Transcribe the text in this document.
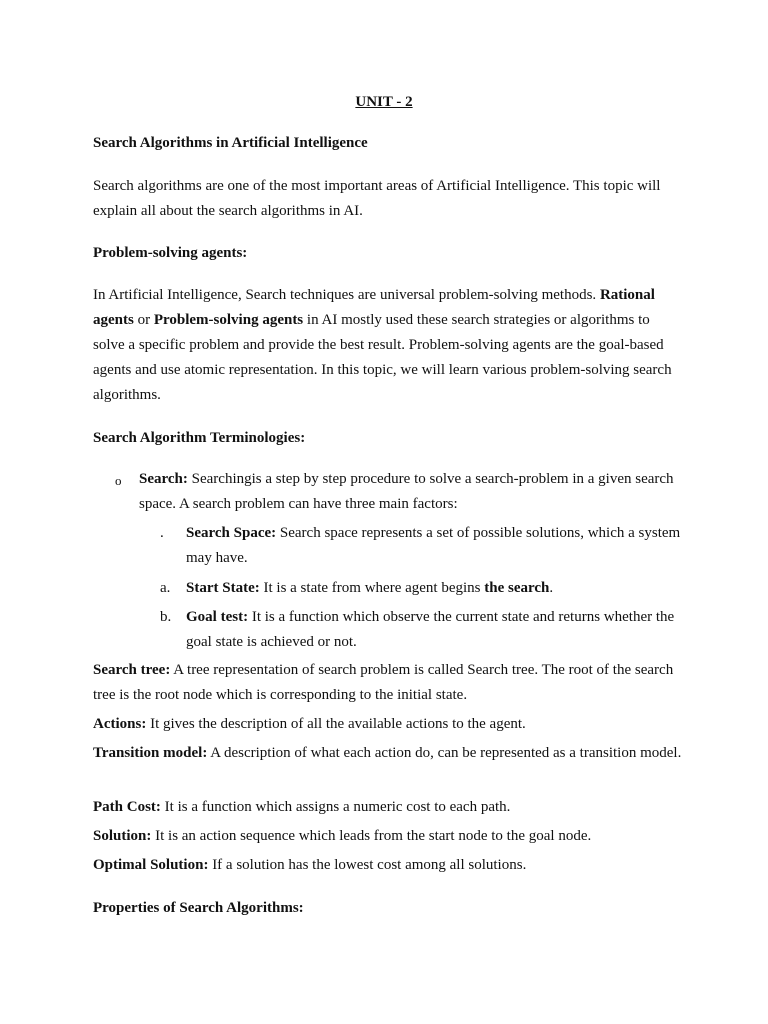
UNIT - 2

Search Algorithms in Artificial Intelligence

Search algorithms are one of the most important areas of Artificial Intelligence. This topic will explain all about the search algorithms in AI.

Problem-solving agents:

In Artificial Intelligence, Search techniques are universal problem-solving methods. Rational agents or Problem-solving agents in AI mostly used these search strategies or algorithms to solve a specific problem and provide the best result. Problem-solving agents are the goal-based agents and use atomic representation. In this topic, we will learn various problem-solving search algorithms.

Search Algorithm Terminologies:

o Search: Searchingis a step by step procedure to solve a search-problem in a given search space. A search problem can have three main factors:

.	Search Space: Search space represents a set of possible solutions, which a system may have.

a.	Start State: It is a state from where agent begins the search.

b. Goal test: It is a function which observe the current state and returns whether the goal state is achieved or not.

Search tree: A tree representation of search problem is called Search tree. The root of the search tree is the root node which is corresponding to the initial state.

Actions: It gives the description of all the available actions to the agent.

Transition model: A description of what each action do, can be represented as a transition model.

Path Cost: It is a function which assigns a numeric cost to each path.

Solution: It is an action sequence which leads from the start node to the goal node.

Optimal Solution: If a solution has the lowest cost among all solutions.

Properties of Search Algorithms:
